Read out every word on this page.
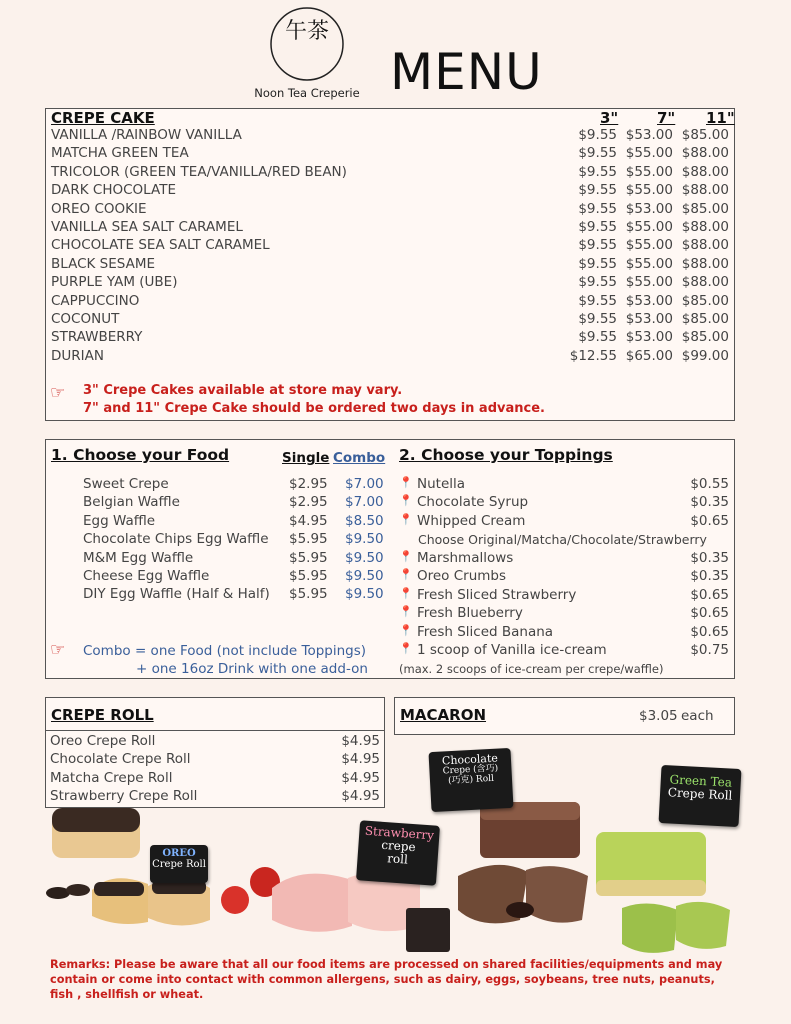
午茶
Noon Tea Creperie MENU
CREPE CAKE	3"	7" 11"
VANILLA /RAINBOW VANILLA	$9.55 $53.00 $85.00
MATCHA GREEN TEA	$9.55 $55.00 $88.00
TRICOLOR (GREEN TEA/VANILLA/RED BEAN)	$9.55 $55.00 $88.00
DARK CHOCOLATE	$9.55 $55.00 $88.00
OREO COOKIE	$9.55 $53.00 $85.00
VANILLA SEA SALT CARAMEL	$9.55 $55.00 $88.00
CHOCOLATE SEA SALT CARAMEL	$9.55 $55.00 $88.00
BLACK SESAME	$9.55 $55.00 $88.00
PURPLE YAM (UBE)	$9.55 $55.00 $88.00
CAPPUCCINO	$9.55 $53.00 $85.00
COCONUT	$9.55 $53.00 $85.00
STRAWBERRY	$9.55 $53.00 $85.00
DURIAN	$12.55 $65.00 $99.00
☞ 3" Crepe Cakes available at store may vary.
7" and 11" Crepe Cake should be ordered two days in advance.
1. Choose your Food	Single Combo
Sweet Crepe	$2.95 $7.00
Belgian Waffle	$2.95 $7.00
Egg Waffle	$4.95 $8.50
Chocolate Chips Egg Waffle $5.95 $9.50
M&M Egg Waffle	$5.95 $9.50
Cheese Egg Waffle	$5.95 $9.50
DIY Egg Waffle (Half & Half) $5.95 $9.50
☞ Combo = one Food (not include Toppings)
+ one 16oz Drink with one add-on
2. Choose your Toppings
📍 Nutella	$0.55
📍 Chocolate Syrup	$0.35
📍 Whipped Cream	$0.65
📍 Marshmallows	$0.35
📍 Oreo Crumbs	$0.35
📍 Fresh Sliced Strawberry	$0.65
📍 Fresh Blueberry	$0.65
📍 Fresh Sliced Banana	$0.65
📍 1 scoop of Vanilla ice-cream	$0.75
Choose Original/Matcha/Chocolate/Strawberry
(max. 2 scoops of ice-cream per crepe/waffle)
CREPE ROLL
Oreo Crepe Roll	$4.95
Chocolate Crepe Roll	$4.95
Matcha Crepe Roll	$4.95
Strawberry Crepe Roll	$4.95
MACARON	$3.05 each
OREO
Crepe Roll
Strawberry
crepe
roll
Chocolate
Crepe (含巧)
(巧克) Roll	Green Tea
Crepe Roll
Remarks: Please be aware that all our food items are processed on shared facilities/equipments and may contain or come into contact with common allergens, such as dairy, eggs, soybeans, tree nuts, peanuts, fish , shellfish or wheat.
